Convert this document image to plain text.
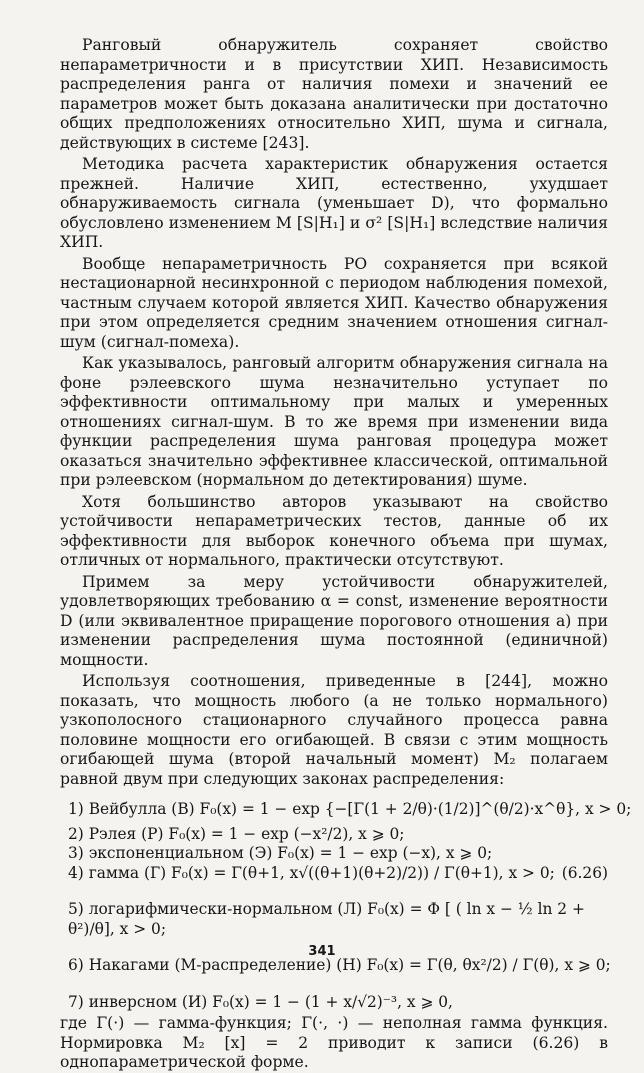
Ранговый обнаружитель сохраняет свойство непараметричности и в присутствии ХИП. Независимость распределения ранга от наличия помехи и значений ее параметров может быть доказана аналитически при достаточно общих предположениях относительно ХИП, шума и сигнала, действующих в системе [243].

Методика расчета характеристик обнаружения остается прежней. Наличие ХИП, естественно, ухудшает обнаруживаемость сигнала (уменьшает D), что формально обусловлено изменением M [S|H₁] и σ² [S|H₁] вследствие наличия ХИП.

Вообще непараметричность РО сохраняется при всякой нестационарной несинхронной с периодом наблюдения помехой, частным случаем которой является ХИП. Качество обнаружения при этом определяется средним значением отношения сигнал-шум (сигнал-помеха).

Как указывалось, ранговый алгоритм обнаружения сигнала на фоне рэлеевского шума незначительно уступает по эффективности оптимальному при малых и умеренных отношениях сигнал-шум. В то же время при изменении вида функции распределения шума ранговая процедура может оказаться значительно эффективнее классической, оптимальной при рэлеевском (нормальном до детектирования) шуме.

Хотя большинство авторов указывают на свойство устойчивости непараметрических тестов, данные об их эффективности для выборок конечного объема при шумах, отличных от нормального, практически отсутствуют.

Примем за меру устойчивости обнаружителей, удовлетворяющих требованию α = const, изменение вероятности D (или эквивалентное приращение порогового отношения a) при изменении распределения шума постоянной (единичной) мощности.

Используя соотношения, приведенные в [244], можно показать, что мощность любого (а не только нормального) узкополосного стационарного случайного процесса равна половине мощности его огибающей. В связи с этим мощность огибающей шума (второй начальный момент) M₂ полагаем равной двум при следующих законах распределения:

1) Вейбулла (В) F₀(x) = 1 − exp {−[Γ(1 + 2/θ)·(1/2)]^(θ/2)·x^θ}, x > 0;
2) Рэлея (Р) F₀(x) = 1 − exp (−x²/2), x ⩾ 0;
3) экспоненциальном (Э) F₀(x) = 1 − exp (−x), x ⩾ 0;
4) гамма (Г) F₀(x) = Γ(θ+1, x√((θ+1)(θ+2)/2)) / Γ(θ+1), x > 0; (6.26)
5) логарифмически-нормальном (Л) F₀(x) = Φ [ ( ln x − ½ ln 2 + θ²)/θ], x > 0;
6) Накагами (М-распределение) (Н) F₀(x) = Γ(θ, θx²/2) / Γ(θ), x ⩾ 0;
7) инверсном (И) F₀(x) = 1 − (1 + x/√2)⁻³, x ⩾ 0,

где Γ(·) — гамма-функция; Γ(·, ·) — неполная гамма функция. Нормировка M₂ [x] = 2 приводит к записи (6.26) в однопараметрической форме.

341
